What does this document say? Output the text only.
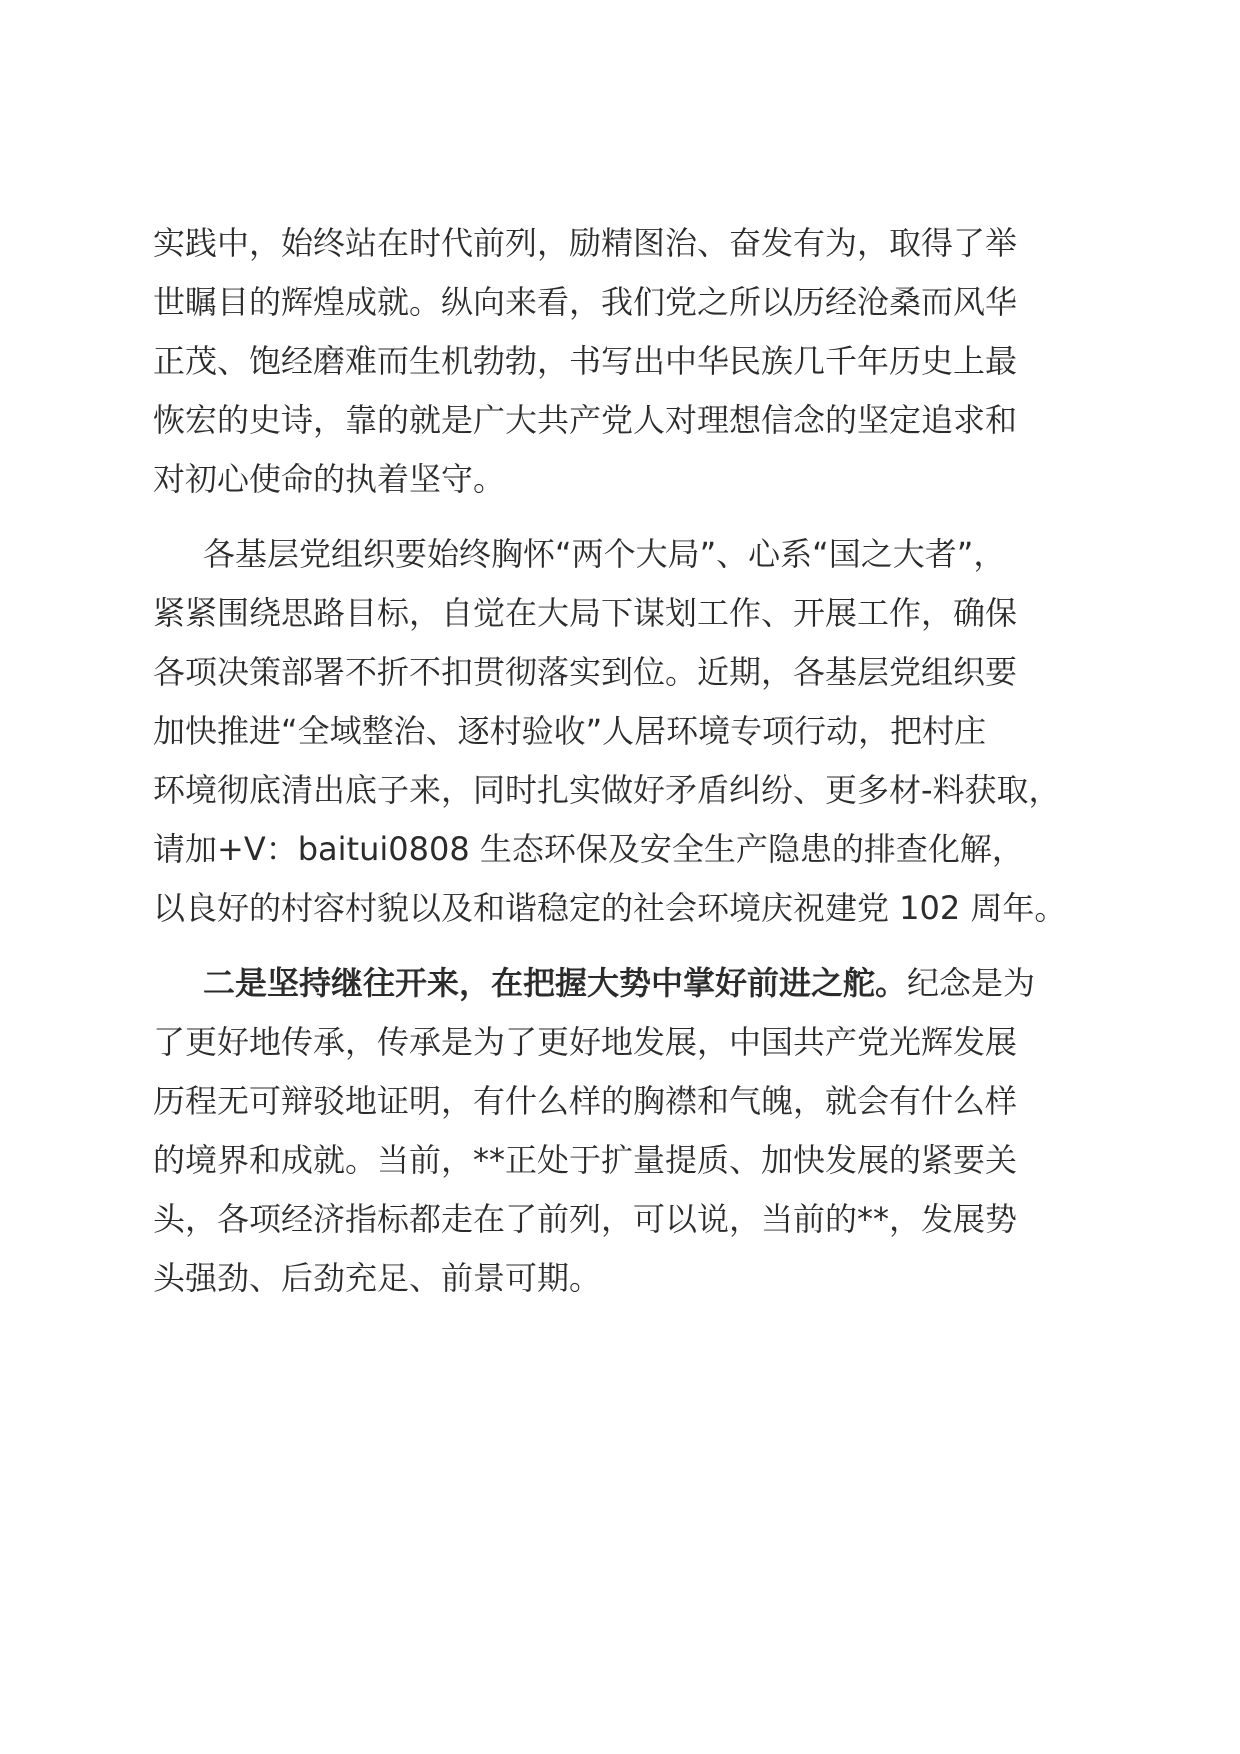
实践中，始终站在时代前列，励精图治、奋发有为，取得了举
世瞩目的辉煌成就。纵向来看，我们党之所以历经沧桑而风华
正茂、饱经磨难而生机勃勃，书写出中华民族几千年历史上最
恢宏的史诗，靠的就是广大共产党人对理想信念的坚定追求和
对初心使命的执着坚守。
各基层党组织要始终胸怀“两个大局”、心系“国之大者”，
紧紧围绕思路目标，自觉在大局下谋划工作、开展工作，确保
各项决策部署不折不扣贯彻落实到位。近期，各基层党组织要
加快推进“全域整治、逐村验收”人居环境专项行动，把村庄
环境彻底清出底子来，同时扎实做好矛盾纠纷、更多材-料获取，
请加+V：baitui0808 生态环保及安全生产隐患的排查化解，
以良好的村容村貌以及和谐稳定的社会环境庆祝建党 102 周年。
二是坚持继往开来，在把握大势中掌好前进之舵。纪念是为
了更好地传承，传承是为了更好地发展，中国共产党光辉发展
历程无可辩驳地证明，有什么样的胸襟和气魄，就会有什么样
的境界和成就。当前，**正处于扩量提质、加快发展的紧要关
头，各项经济指标都走在了前列，可以说，当前的**，发展势
头强劲、后劲充足、前景可期。
